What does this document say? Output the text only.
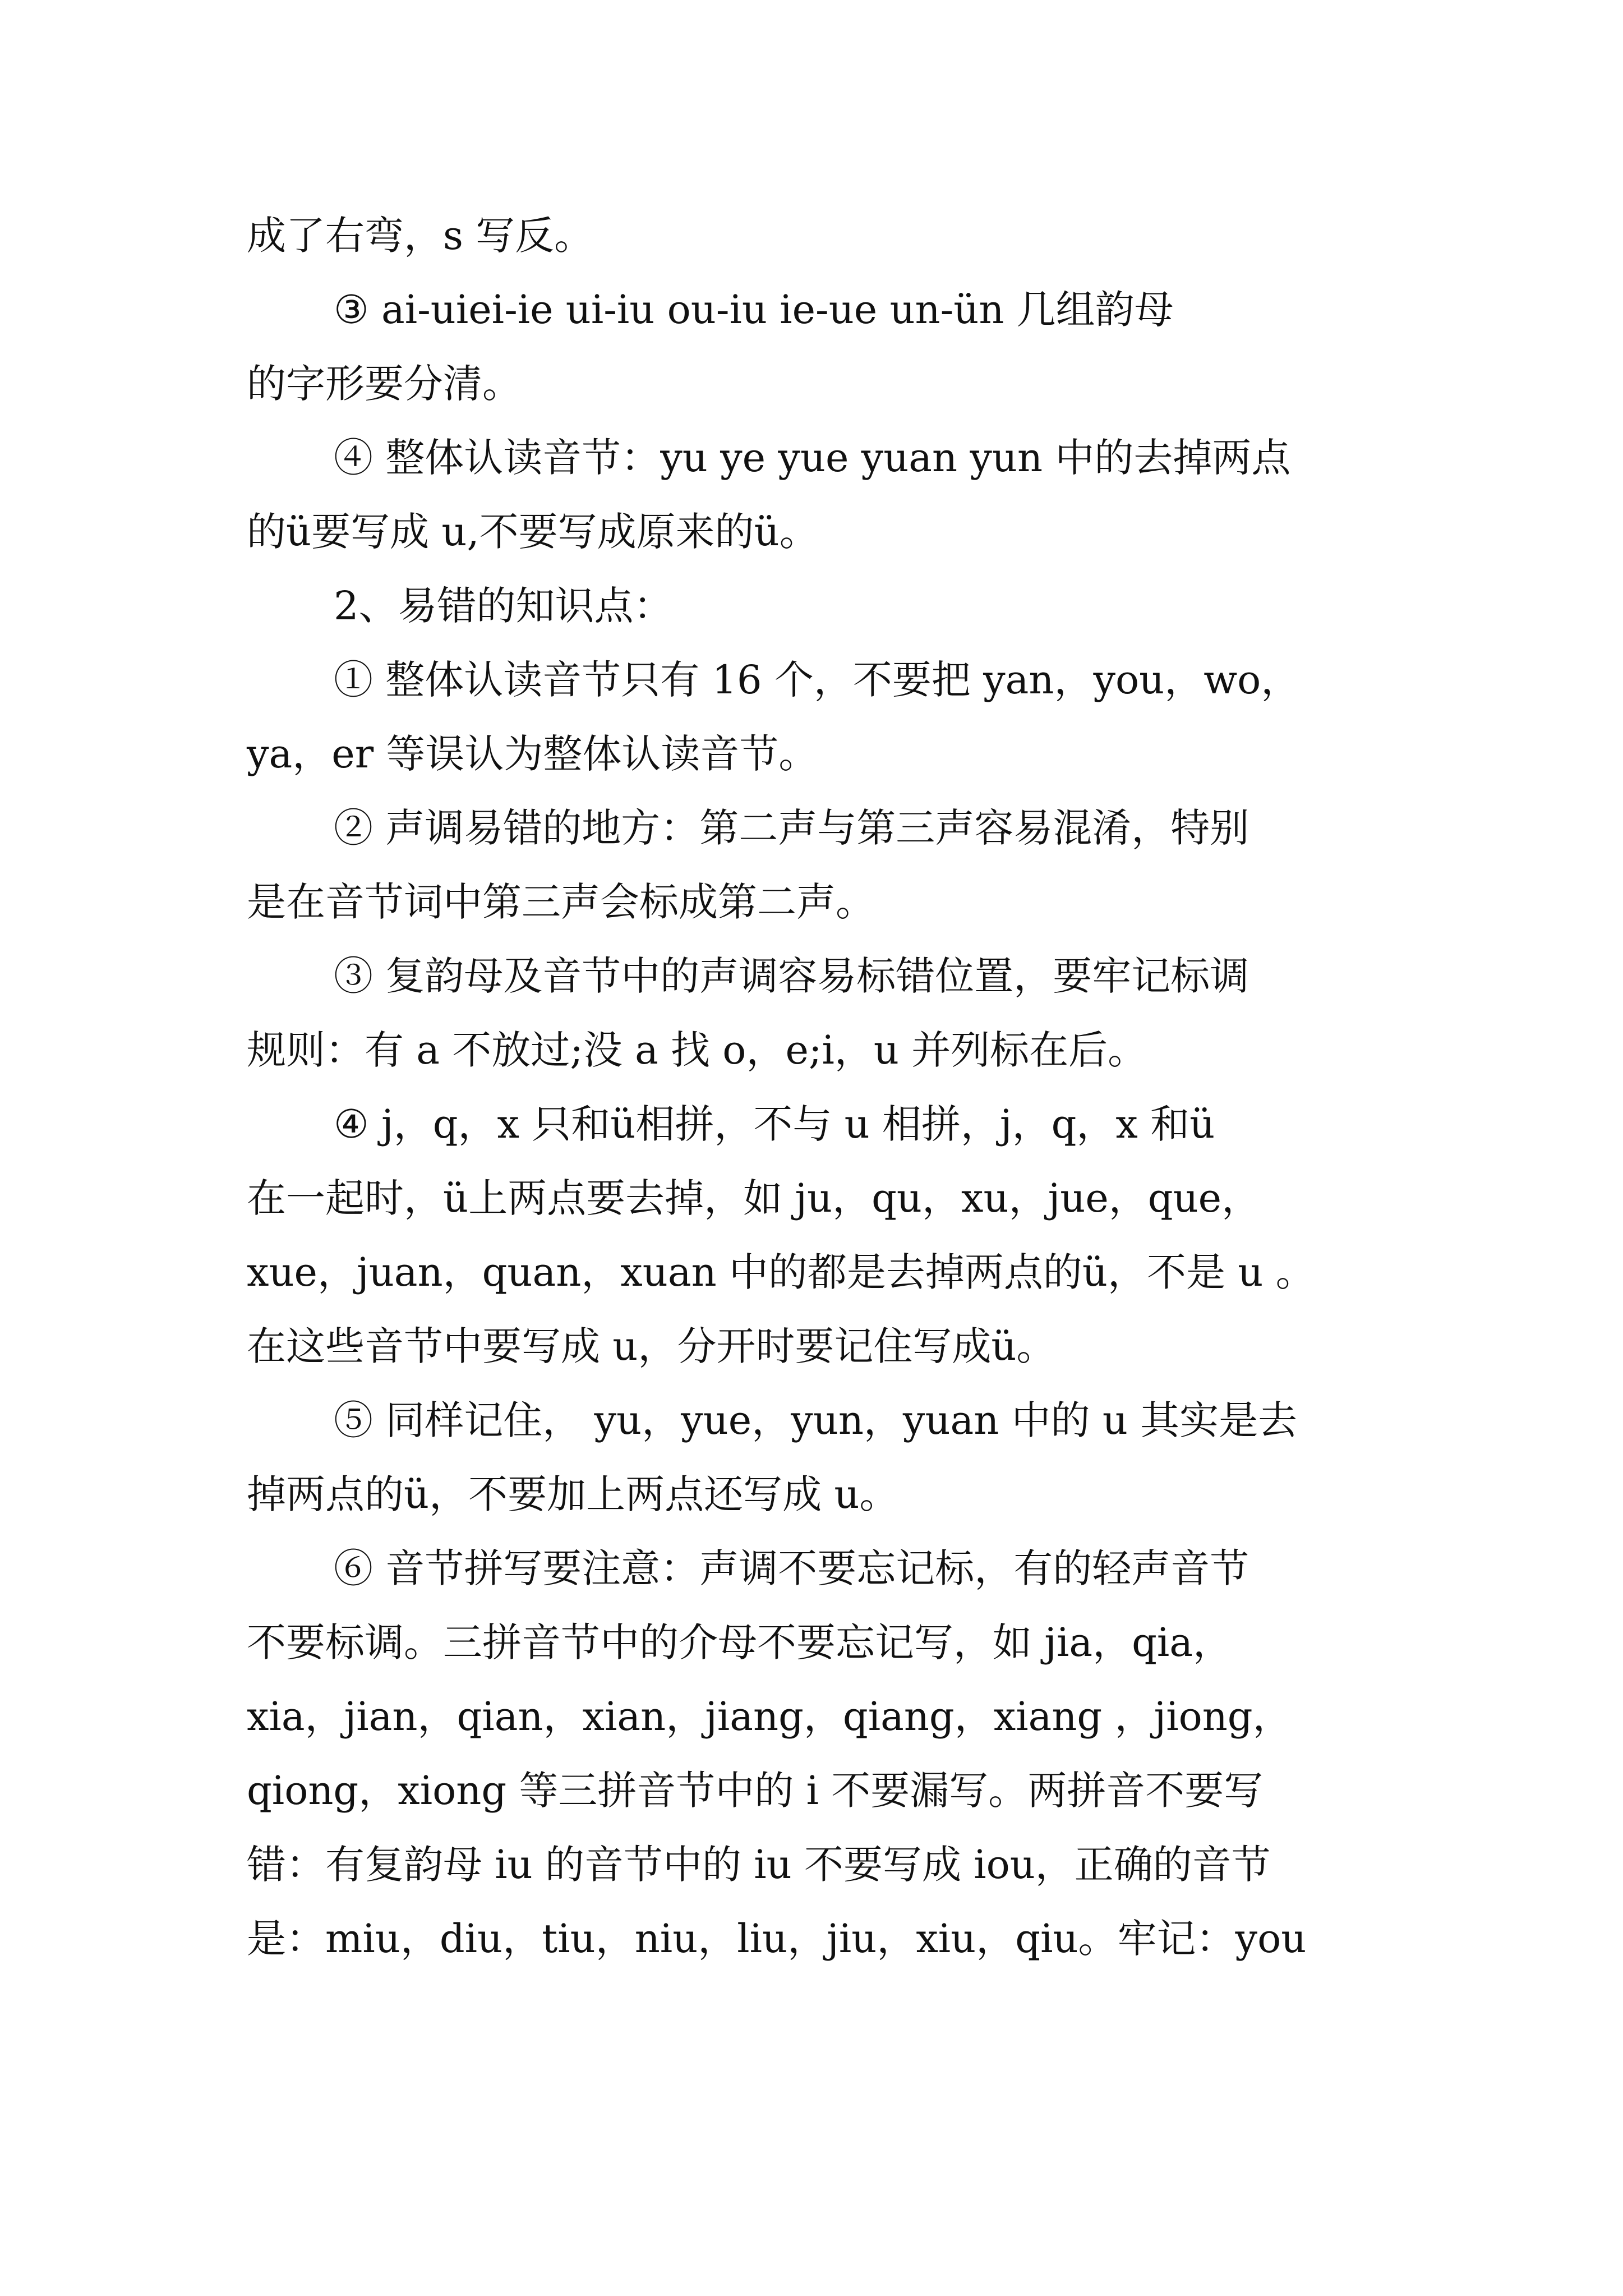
成了右弯，s 写反。
③ ai-uiei-ie ui-iu ou-iu ie-ue un-ün 几组韵母
的字形要分清。
④ 整体认读音节：yu ye yue yuan yun 中的去掉两点
的ü要写成 u,不要写成原来的ü。
2、易错的知识点：
① 整体认读音节只有 16 个，不要把 yan，you，wo，
ya，er 等误认为整体认读音节。
② 声调易错的地方：第二声与第三声容易混淆，特别
是在音节词中第三声会标成第二声。
③ 复韵母及音节中的声调容易标错位置，要牢记标调
规则：有 a 不放过;没 a 找 o，e;i，u 并列标在后。
④ j，q，x 只和ü相拼，不与 u 相拼，j，q，x 和ü
在一起时，ü上两点要去掉，如 ju，qu，xu，jue，que，
xue，juan，quan，xuan 中的都是去掉两点的ü，不是 u 。
在这些音节中要写成 u，分开时要记住写成ü。
⑤ 同样记住， yu，yue，yun，yuan 中的 u 其实是去
掉两点的ü，不要加上两点还写成 u。
⑥ 音节拼写要注意：声调不要忘记标，有的轻声音节
不要标调。三拼音节中的介母不要忘记写，如 jia，qia，
xia，jian，qian，xian，jiang，qiang，xiang ，jiong，
qiong，xiong 等三拼音节中的 i 不要漏写。两拼音不要写
错：有复韵母 iu 的音节中的 iu 不要写成 iou，正确的音节
是：miu，diu，tiu，niu，liu，jiu，xiu，qiu。牢记：you
